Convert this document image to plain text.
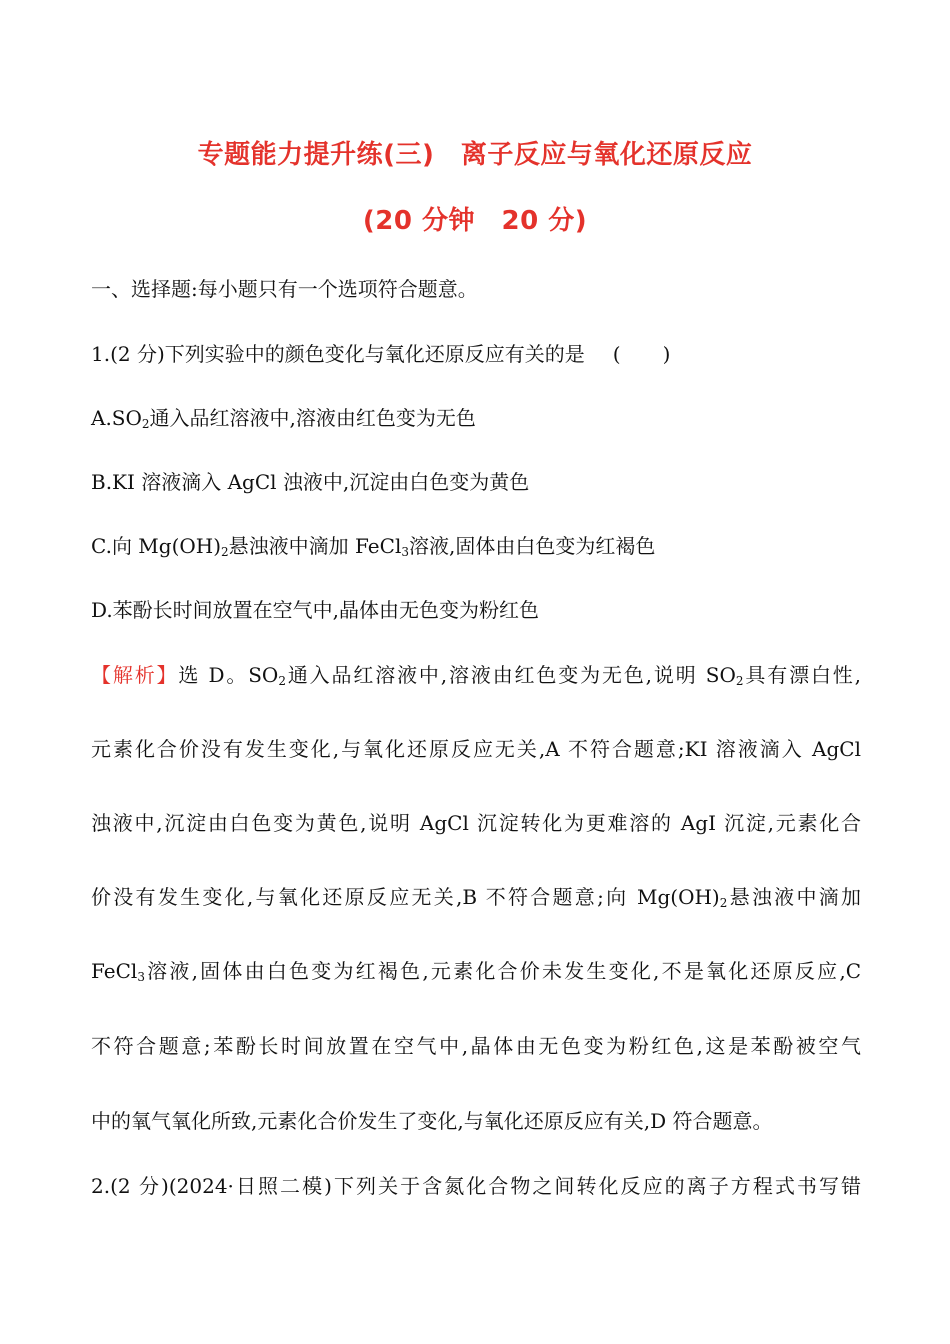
专题能力提升练(三)　离子反应与氧化还原反应
(20 分钟　20 分)
一、选择题:每小题只有一个选项符合题意。
1.(2 分)下列实验中的颜色变化与氧化还原反应有关的是 ( )
A.SO2通入品红溶液中,溶液由红色变为无色
B.KI 溶液滴入 AgCl 浊液中,沉淀由白色变为黄色
C.向 Mg(OH)2悬浊液中滴加 FeCl3溶液,固体由白色变为红褐色
D.苯酚长时间放置在空气中,晶体由无色变为粉红色
【解析】选 D。SO2通入品红溶液中,溶液由红色变为无色,说明 SO2具有漂白性,
元素化合价没有发生变化,与氧化还原反应无关,A 不符合题意;KI 溶液滴入 AgCl
浊液中,沉淀由白色变为黄色,说明 AgCl 沉淀转化为更难溶的 AgI 沉淀,元素化合
价没有发生变化,与氧化还原反应无关,B 不符合题意;向 Mg(OH)2悬浊液中滴加
FeCl3溶液,固体由白色变为红褐色,元素化合价未发生变化,不是氧化还原反应,C
不符合题意;苯酚长时间放置在空气中,晶体由无色变为粉红色,这是苯酚被空气
中的氧气氧化所致,元素化合价发生了变化,与氧化还原反应有关,D 符合题意。
2.(2 分)(2024·日照二模)下列关于含氮化合物之间转化反应的离子方程式书写错
